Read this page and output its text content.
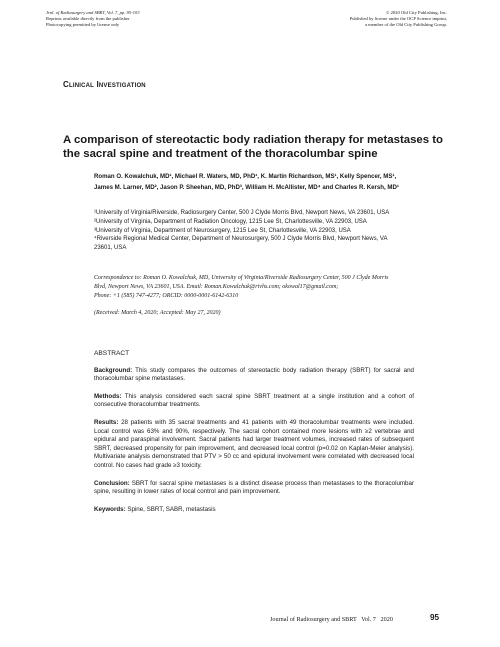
Jrnl. of Radiosurgery and SBRT, Vol. 7, pp. 95-103
Reprints available directly from the publisher
Photocopying permitted by license only
© 2020 Old City Publishing, Inc.
Published by license under the OCP Science imprint,
a member of the Old City Publishing Group.
Clinical Investigation
A comparison of stereotactic body radiation therapy for metastases to the sacral spine and treatment of the thoracolumbar spine
Roman O. Kowalchuk, MD¹, Michael R. Waters, MD, PhD¹, K. Martin Richardson, MS¹, Kelly Spencer, MS¹,
James M. Larner, MD², Jason P. Sheehan, MD, PhD³, William H. McAllister, MD⁴ and Charles R. Kersh, MD¹
¹University of Virginia/Riverside, Radiosurgery Center, 500 J Clyde Morris Blvd, Newport News, VA 23601, USA
²University of Virginia, Department of Radiation Oncology, 1215 Lee St, Charlottesville, VA 22903, USA
³University of Virginia, Department of Neurosurgery, 1215 Lee St, Charlottesville, VA 22903, USA
⁴Riverside Regional Medical Center, Department of Neurosurgery, 500 J Clyde Morris Blvd, Newport News, VA
23601, USA
Correspondence to: Roman O. Kowalchuk, MD, University of Virginia/Riverside Radiosurgery Center, 500 J Clyde Morris
Blvd, Newport News, VA 23601, USA. Email: Roman.Kowalchuk@rivhs.com; okowal17@gmail.com;
Phone: +1 (585) 747-4277; ORCID: 0000-0001-6142-6310
(Received: March 4, 2020; Accepted: May 27, 2020)
ABSTRACT

Background: This study compares the outcomes of stereotactic body radiation therapy (SBRT) for sacral and thoracolumbar spine metastases.

Methods: This analysis considered each sacral spine SBRT treatment at a single institution and a cohort of consecutive thoracolumbar treatments.

Results: 28 patients with 35 sacral treatments and 41 patients with 49 thoracolumbar treatments were included. Local control was 63% and 90%, respectively. The sacral cohort contained more lesions with ≥2 vertebrae and epidural and paraspinal involvement. Sacral patients had larger treatment volumes, increased rates of subsequent SBRT, decreased propensity for pain improvement, and decreased local control (p=0.02 on Kaplan-Meier analysis). Multivariate analysis demonstrated that PTV > 50 cc and epidural involvement were correlated with decreased local control. No cases had grade ≥3 toxicity.

Conclusion: SBRT for sacral spine metastases is a distinct disease process than metastases to the thoracolumbar spine, resulting in lower rates of local control and pain improvement.

Keywords: Spine, SBRT, SABR, metastasis

Journal of Radiosurgery and SBRT   Vol. 7   2020	95
